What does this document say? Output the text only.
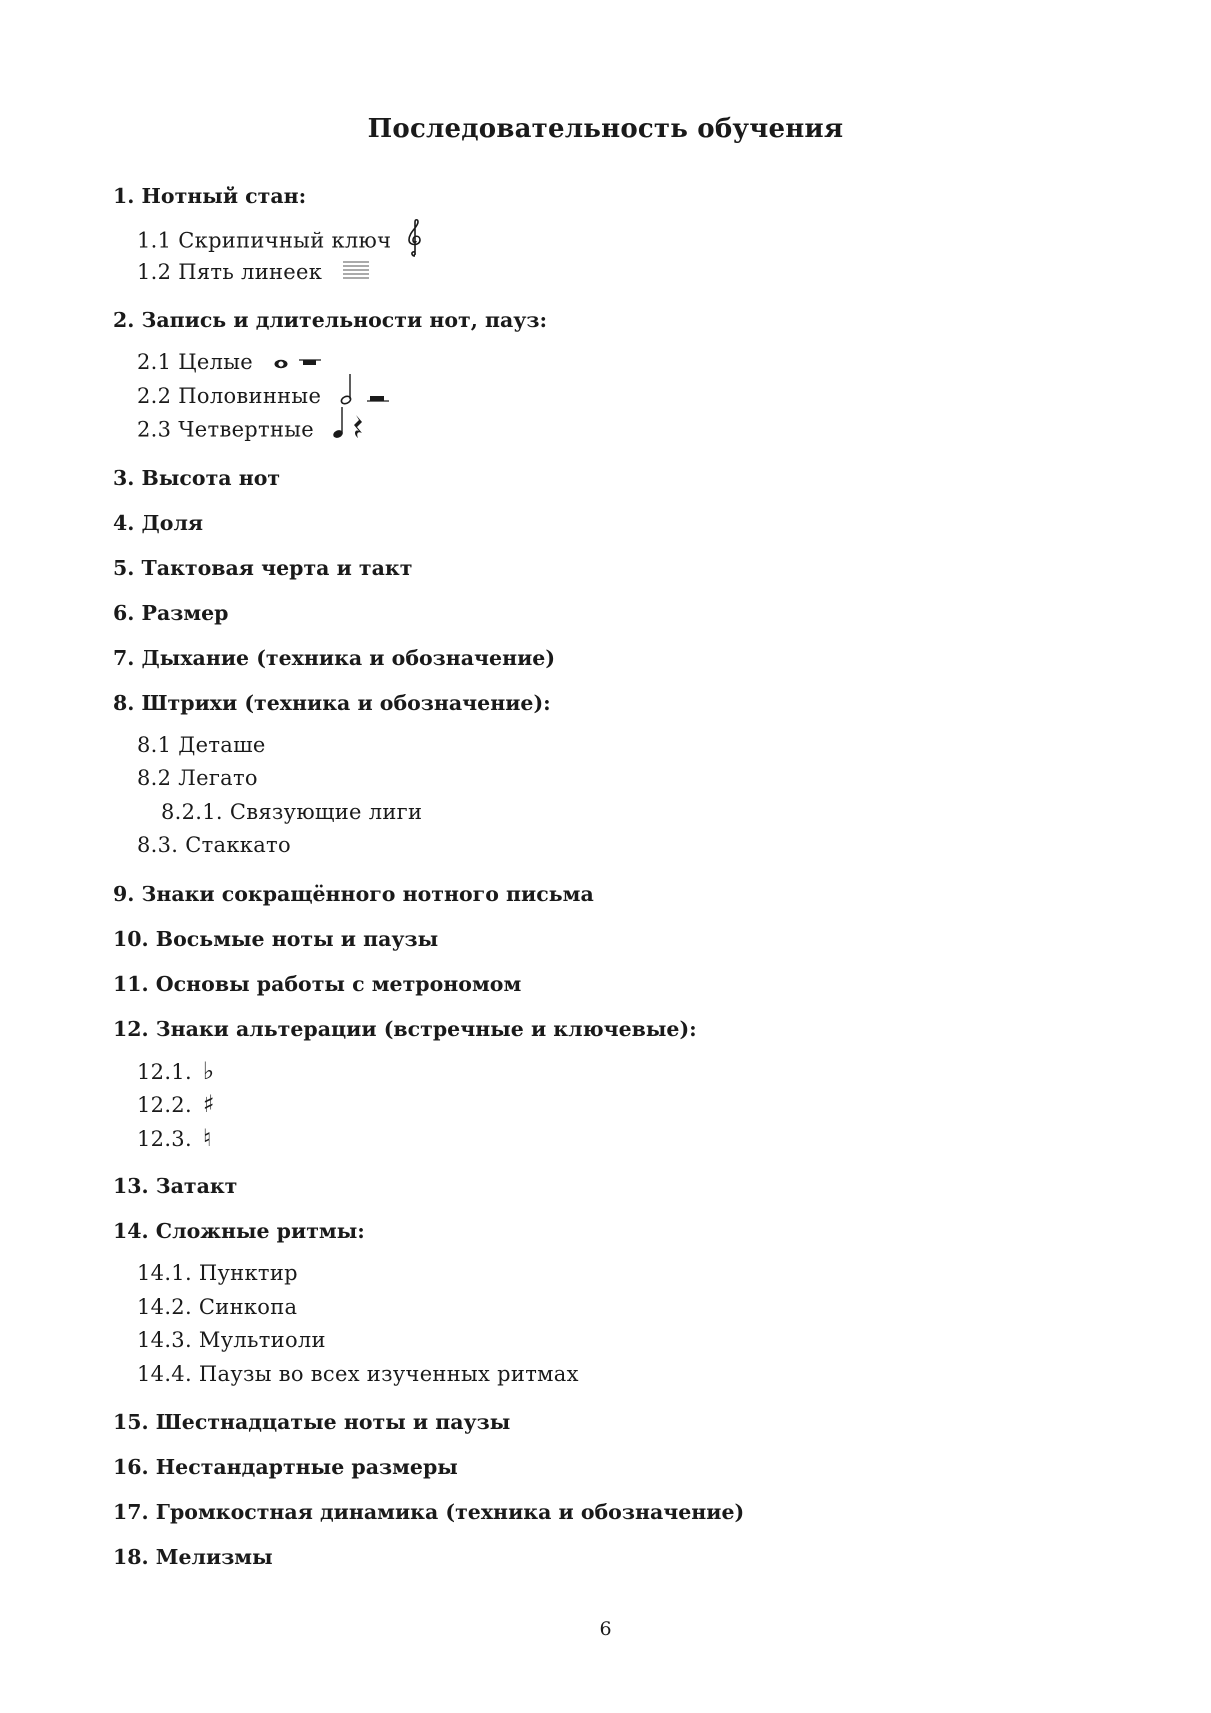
Последовательность обучения
1. Нотный стан:
1.1 Скрипичный ключ
1.2 Пять линеек
2. Запись и длительности нот, пауз:
2.1 Целые
2.2 Половинные
2.3 Четвертные
3. Высота нот
4. Доля
5. Тактовая черта и такт
6. Размер
7. Дыхание (техника и обозначение)
8. Штрихи (техника и обозначение):
8.1 Деташе
8.2 Легато
8.2.1. Связующие лиги
8.3. Стаккато
9. Знаки сокращённого нотного письма
10. Восьмые ноты и паузы
11. Основы работы с метрономом
12. Знаки альтерации (встречные и ключевые):
12.1. ♭
12.2. ♯
12.3. ♮
13. Затакт
14. Сложные ритмы:
14.1. Пунктир
14.2. Синкопа
14.3. Мультиоли
14.4. Паузы во всех изученных ритмах
15. Шестнадцатые ноты и паузы
16. Нестандартные размеры
17. Громкостная динамика (техника и обозначение)
18. Мелизмы
6
